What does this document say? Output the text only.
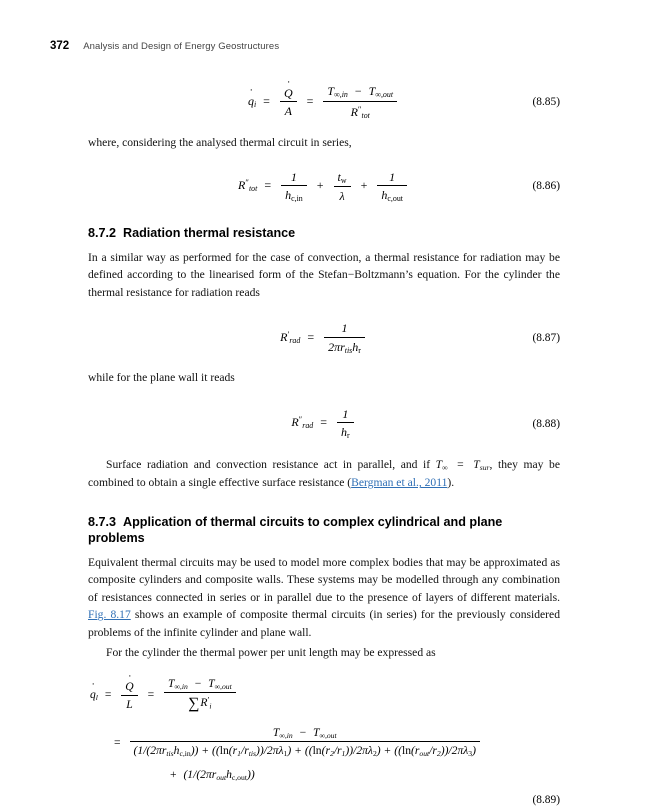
372 Analysis and Design of Energy Geostructures
q $˙_i = \frac{Q ˙}{A} = \frac{T_{\infty,in} - T_{\infty,out}}{R''_{tot}}$	(8.85)

where, considering the analysed thermal circuit in series,

$R''_{tot} = \frac{1}{h_{c,in}} + \frac{t_w}{\lambda} + \frac{1}{h_{c,out}}$	(8.86)
8.7.2 Radiation thermal resistance

In a similar way as performed for the case of convection, a thermal resistance for radiation may be defined according to the linearised form of the Stefan−Boltzmann’s equation. For the cylinder the thermal resistance for radiation reads

$R'_{rad} = \frac{1}{2\pi r_{tis}h_r}$	(8.87)

while for the plane wall it reads

$R''_{rad} = \frac{1}{h_r}$	(8.88)

Surface radiation and convection resistance act in parallel, and if $T_\infty = T_{sur}$, they may be combined to obtain a single effective surface resistance (Bergman et al., 2011).

8.7.3 Application of thermal circuits to complex cylindrical and plane problems

Equivalent thermal circuits may be used to model more complex bodies that may be approximated as composite cylinders and composite walls. These systems may be modelled through any combination of resistances connected in series or in parallel due to the presence of layers of different materials. Fig. 8.17 shows an example of composite thermal circuits (in series) for the previously considered problems of the infinite cylinder and plane wall.

For the cylinder the thermal power per unit length may be expressed as

q $˙_l = \frac{Q ˙}{L} = \frac{T_{\infty,in} - T_{\infty,out}}{\sum R'_i}$
=
$T_{\infty,in} - T_{\infty,out}$
$(1/(2\pi r_{tis}h_{c,in})) + ((\ln(r_1/r_{tis}))/2\pi\lambda_1) + ((\ln(r_2/r_1))/2\pi\lambda_2) + ((\ln(r_{out}/r_2))/2\pi\lambda_3)$
+ $(1/(2\pi r_{out}h_{c,out}))$
(8.89)
